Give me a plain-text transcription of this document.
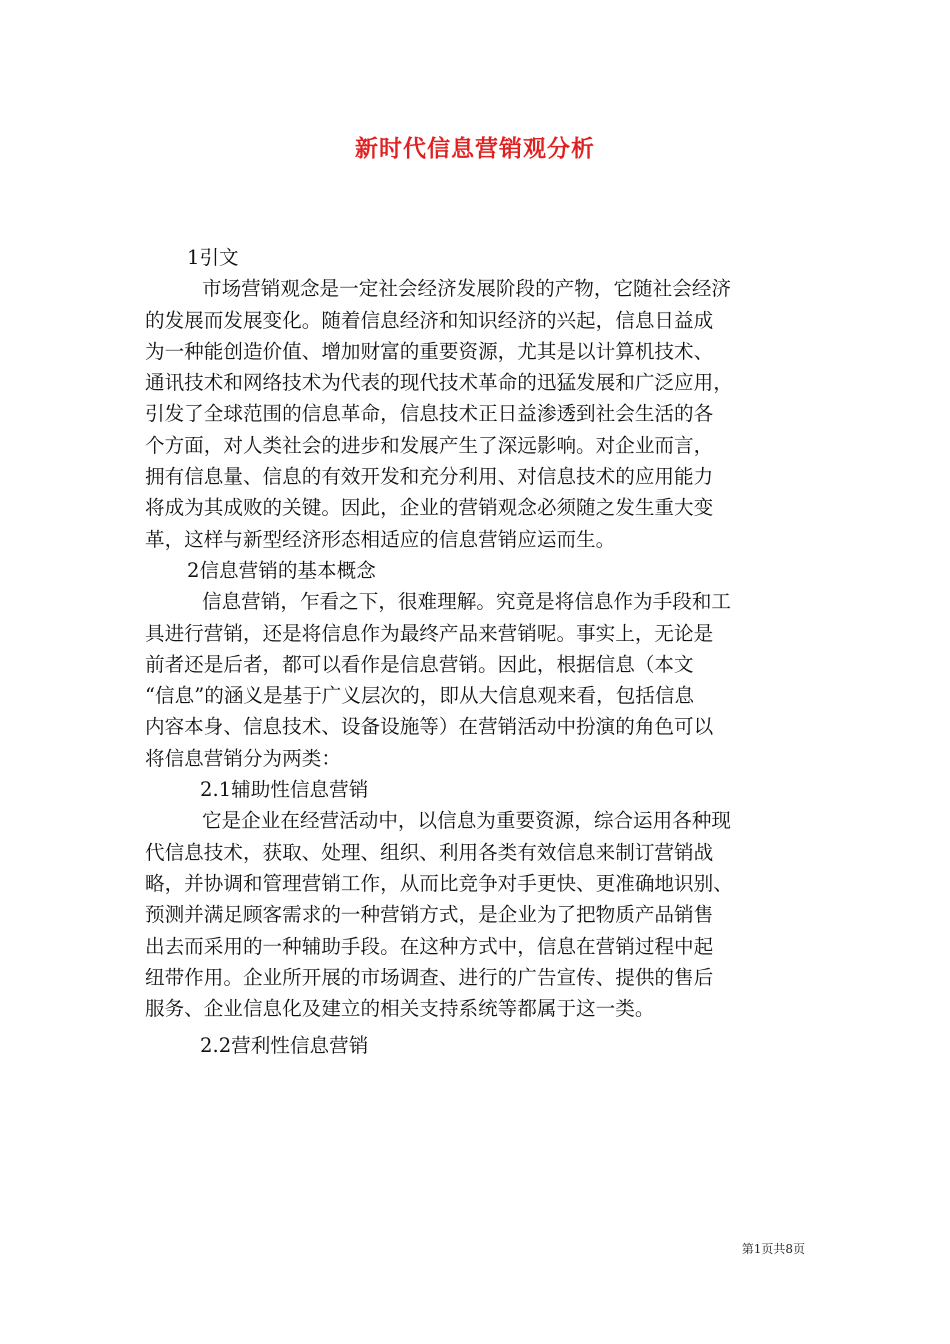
新时代信息营销观分析
1引文
市场营销观念是一定社会经济发展阶段的产物，它随社会经济
的发展而发展变化。随着信息经济和知识经济的兴起，信息日益成
为一种能创造价值、增加财富的重要资源，尤其是以计算机技术、
通讯技术和网络技术为代表的现代技术革命的迅猛发展和广泛应用，
引发了全球范围的信息革命，信息技术正日益渗透到社会生活的各
个方面，对人类社会的进步和发展产生了深远影响。对企业而言，
拥有信息量、信息的有效开发和充分利用、对信息技术的应用能力
将成为其成败的关键。因此，企业的营销观念必须随之发生重大变
革，这样与新型经济形态相适应的信息营销应运而生。
2信息营销的基本概念
信息营销，乍看之下，很难理解。究竟是将信息作为手段和工
具进行营销，还是将信息作为最终产品来营销呢。事实上，无论是
前者还是后者，都可以看作是信息营销。因此，根据信息（本文
“信息”的涵义是基于广义层次的，即从大信息观来看，包括信息
内容本身、信息技术、设备设施等）在营销活动中扮演的角色可以
将信息营销分为两类：
2.1辅助性信息营销
它是企业在经营活动中，以信息为重要资源，综合运用各种现
代信息技术，获取、处理、组织、利用各类有效信息来制订营销战
略，并协调和管理营销工作，从而比竞争对手更快、更准确地识别、
预测并满足顾客需求的一种营销方式，是企业为了把物质产品销售
出去而采用的一种辅助手段。在这种方式中，信息在营销过程中起
纽带作用。企业所开展的市场调查、进行的广告宣传、提供的售后
服务、企业信息化及建立的相关支持系统等都属于这一类。
2.2营利性信息营销
第1页共8页
